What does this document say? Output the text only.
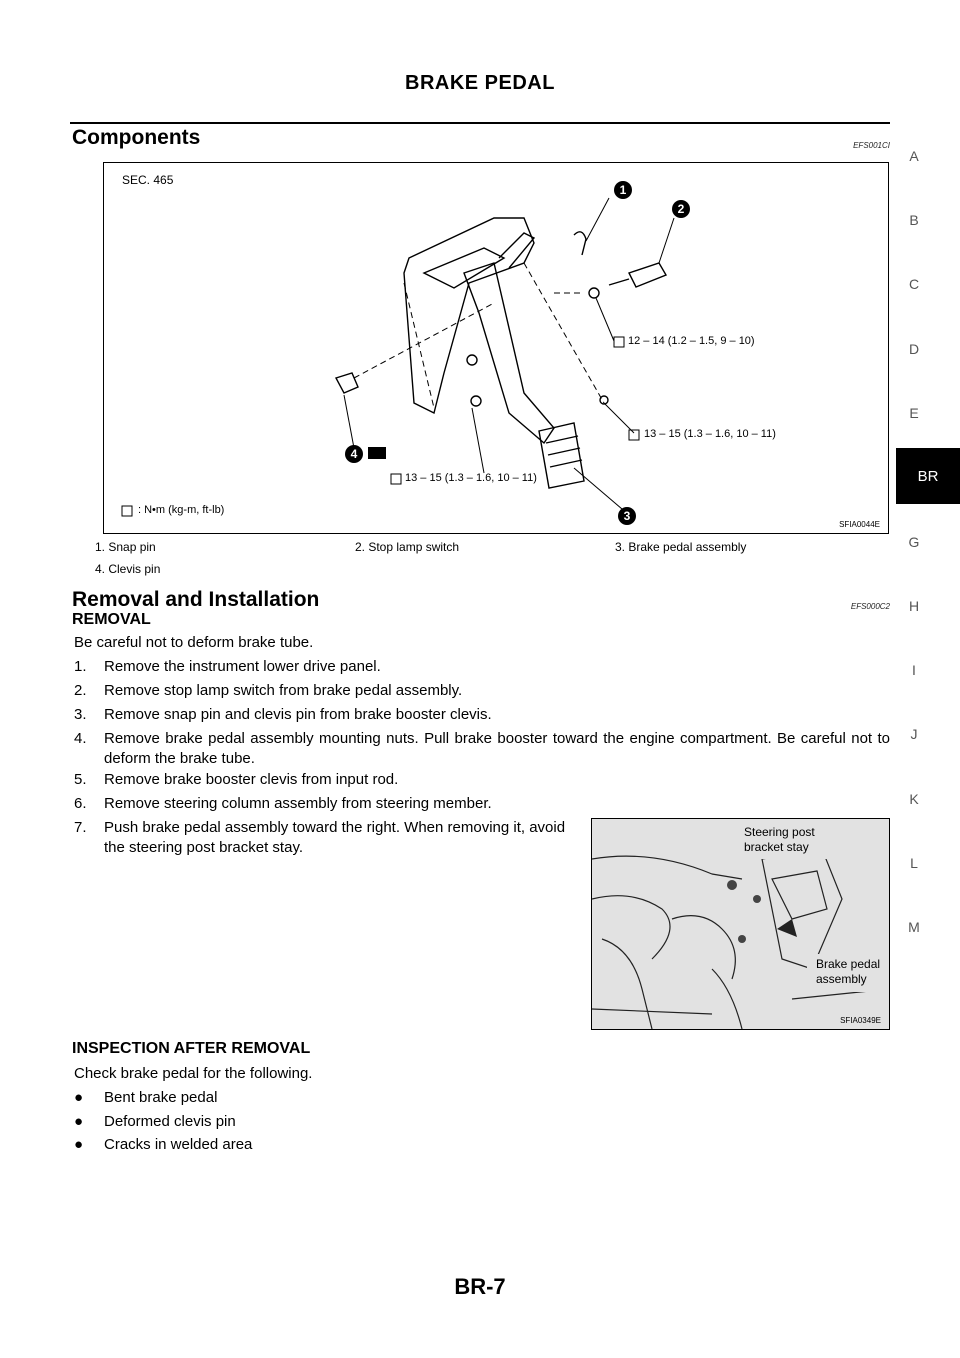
BRAKE PEDAL
Components	EFS001CI
1
2
3
4
SEC. 465
12 – 14 (1.2 – 1.5, 9 – 10)
13 – 15 (1.3 – 1.6, 10 – 11)
13 – 15 (1.3 – 1.6, 10 – 11)
: N•m (kg-m, ft-lb)
SFIA0044E
1. Snap pin	2. Stop lamp switch	3. Brake pedal assembly
4. Clevis pin
Removal and Installation	EFS000C2
REMOVAL
Be careful not to deform brake tube.
1.	Remove the instrument lower drive panel.
2.	Remove stop lamp switch from brake pedal assembly.
3.	Remove snap pin and clevis pin from brake booster clevis.
4.	Remove brake pedal assembly mounting nuts. Pull brake booster toward the engine compartment. Be careful not to deform the brake tube.
5.	Remove brake booster clevis from input rod.
6.	Remove steering column assembly from steering member.
7.	Push brake pedal assembly toward the right. When removing it, avoid the steering post bracket stay.
Steering post
bracket stay
Brake pedal
assembly
SFIA0349E
INSPECTION AFTER REMOVAL
Check brake pedal for the following.
●	Bent brake pedal
●	Deformed clevis pin
●	Cracks in welded area
A
B
C
D
E
BR
G
H
I
J
K
L
M
BR-7
